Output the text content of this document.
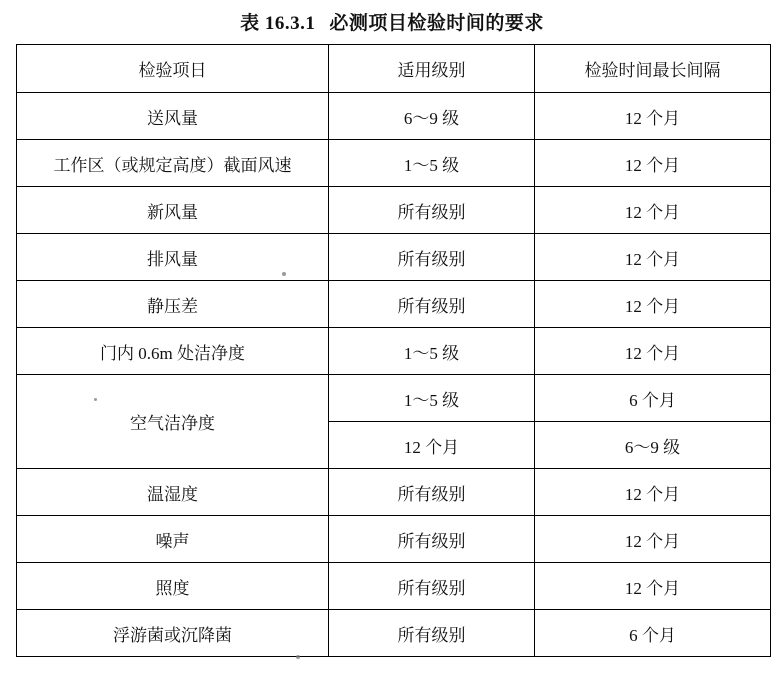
表 16.3.1 必测项目检验时间的要求
检验项日	适用级别	检验时间最长间隔
送风量	6～9 级	12 个月
工作区（或规定高度）截面风速	1～5 级	12 个月
新风量	所有级别	12 个月
排风量	所有级别	12 个月
静压差	所有级别	12 个月
门内 0.6m 处洁净度	1～5 级	12 个月
空气洁净度	1～5 级	6 个月
	12 个月	6～9 级
温湿度	所有级别	12 个月
噪声	所有级别	12 个月
照度	所有级别	12 个月
浮游菌或沉降菌	所有级别	6 个月
